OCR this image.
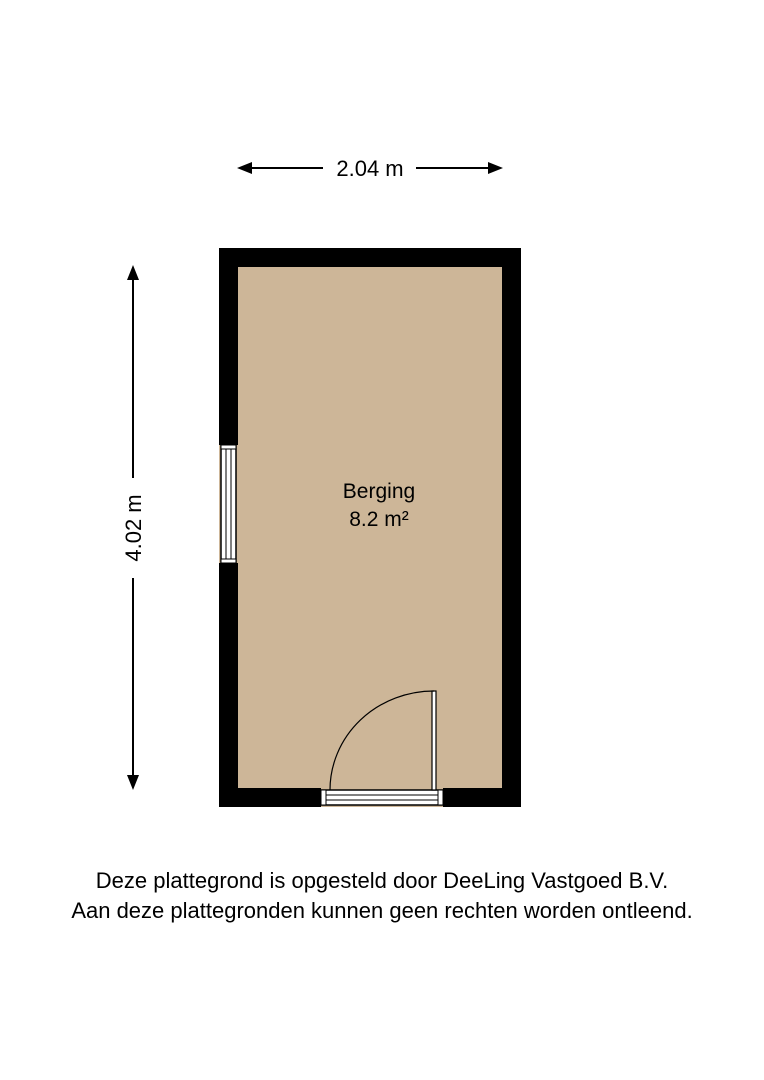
2.04 m
4.02 m
Berging
8.2 m²
Deze plattegrond is opgesteld door DeeLing Vastgoed B.V.
Aan deze plattegronden kunnen geen rechten worden ontleend.
